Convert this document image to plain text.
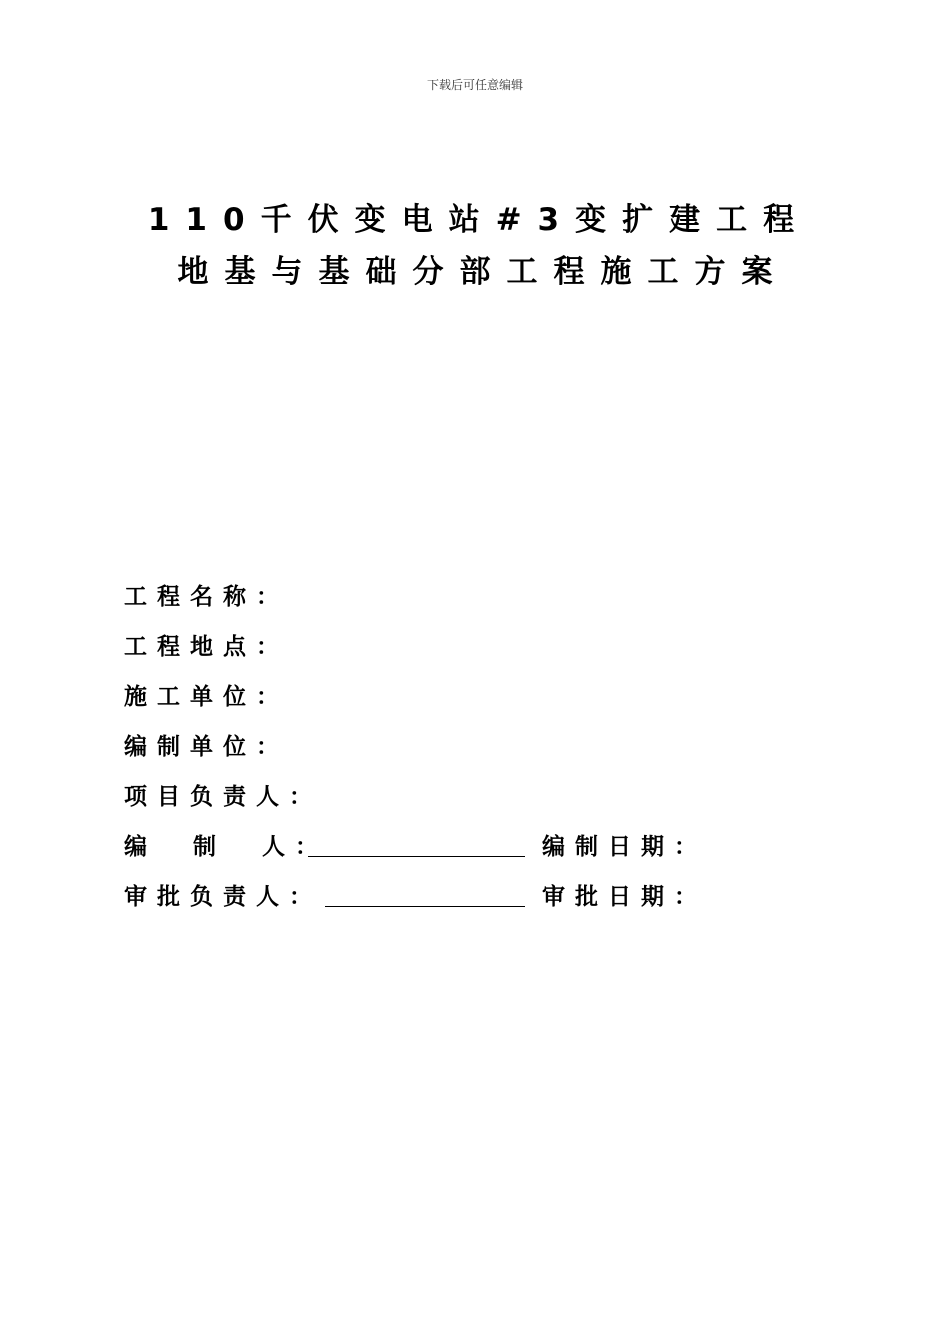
下载后可任意编辑
110千伏变电站#3变扩建工程
地基与基础分部工程施工方案
工程名称：
工程地点：
施工单位：
编制单位：
项目负责人：
编  制  人：	编制日期：
审批负责人：	审批日期：
